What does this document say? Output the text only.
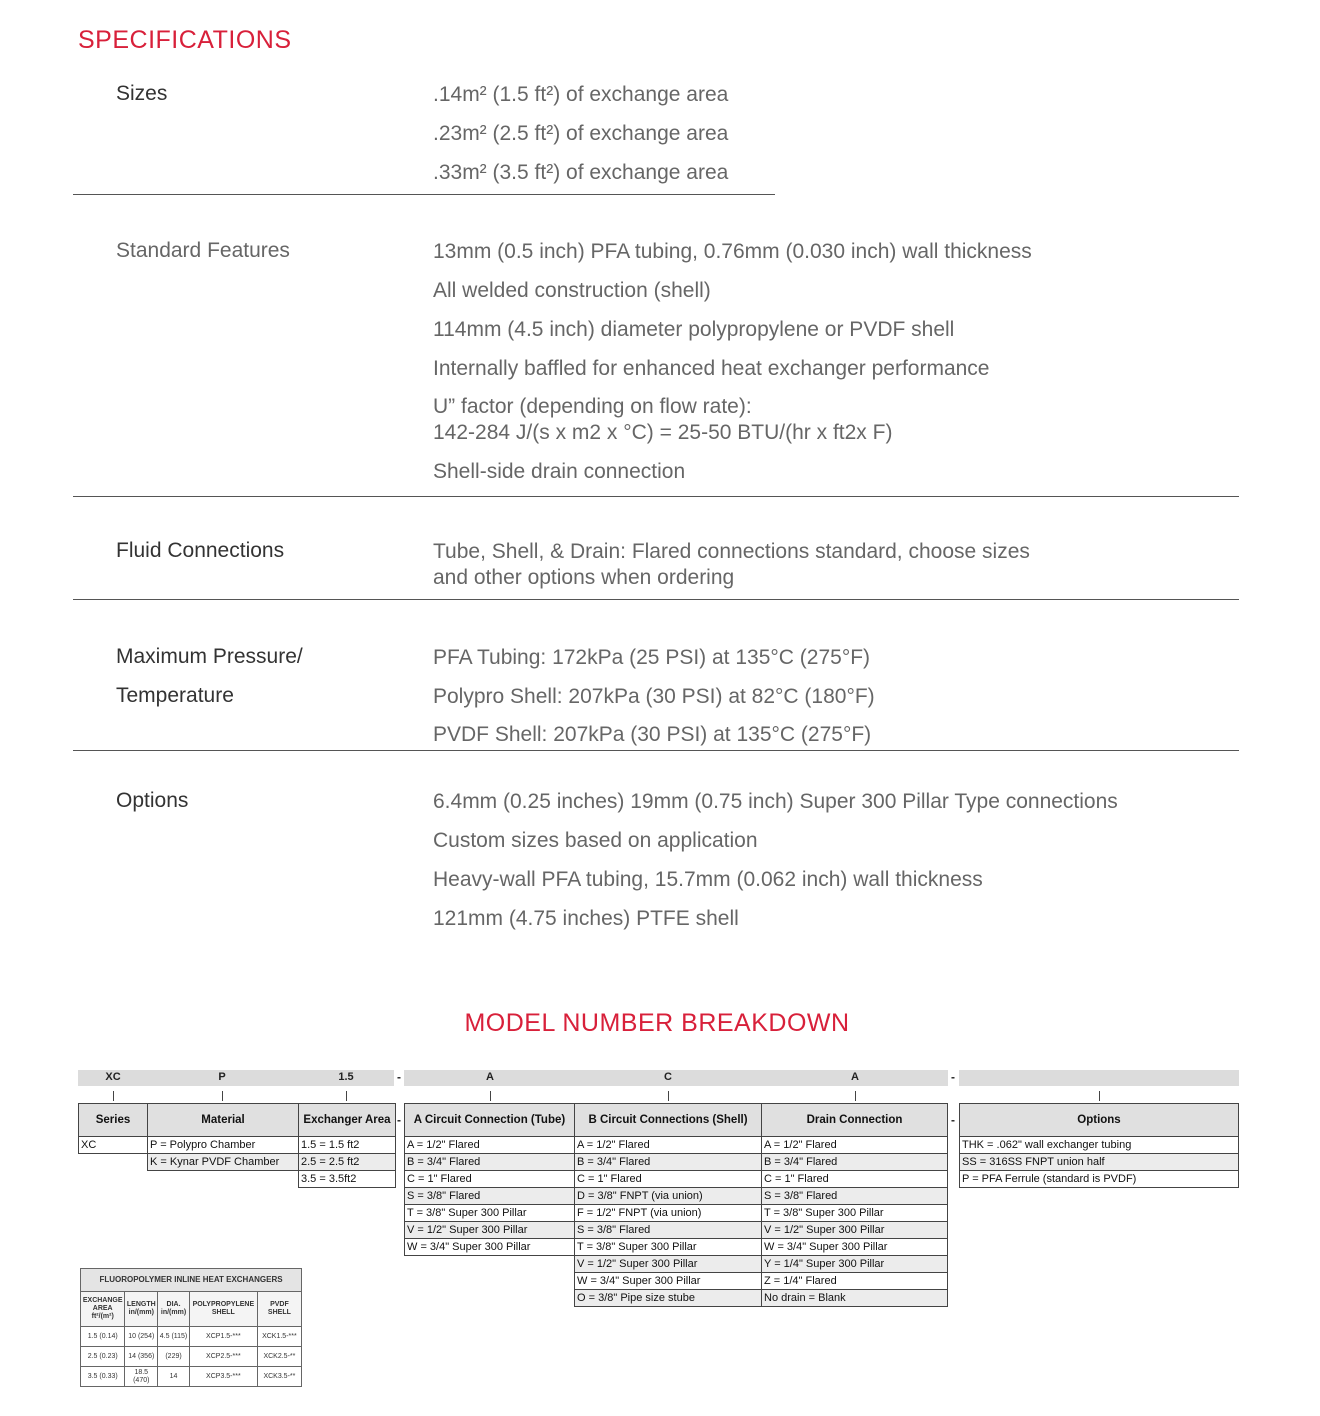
SPECIFICATIONS
Sizes	.14m² (1.5 ft²) of exchange area
.23m² (2.5 ft²) of exchange area
.33m² (3.5 ft²) of exchange area
Standard Features	13mm (0.5 inch) PFA tubing, 0.76mm (0.030 inch) wall thickness
All welded construction (shell)
114mm (4.5 inch) diameter polypropylene or PVDF shell
Internally baffled for enhanced heat exchanger performance
U” factor (depending on flow rate):
142-284 J/(s x m2 x °C) = 25-50 BTU/(hr x ft2x F)
Shell-side drain connection
Fluid Connections	Tube, Shell, & Drain: Flared connections standard, choose sizes
and other options when ordering
Maximum Pressure/
Temperature
PFA Tubing: 172kPa (25 PSI) at 135°C (275°F)
Polypro Shell: 207kPa (30 PSI) at 82°C (180°F)
PVDF Shell: 207kPa (30 PSI) at 135°C (275°F)
Options	6.4mm (0.25 inches) 19mm (0.75 inch) Super 300 Pillar Type connections
Custom sizes based on application
Heavy-wall PFA tubing, 15.7mm (0.062 inch) wall thickness
121mm (4.75 inches) PTFE shell
MODEL NUMBER BREAKDOWN
XC	P	1.5	-	A	C	A	-
-	-
Series	Material	Exchanger Area
XC	P = Polypro Chamber	1.5 = 1.5 ft2
	K = Kynar PVDF Chamber	2.5 = 2.5 ft2
		3.5 = 3.5ft2
A Circuit Connection (Tube)	B Circuit Connections (Shell)	Drain Connection
A = 1/2" Flared	A = 1/2" Flared	A = 1/2" Flared
B = 3/4" Flared	B = 3/4" Flared	B = 3/4" Flared
C = 1" Flared	C = 1" Flared	C = 1" Flared
S = 3/8" Flared	D = 3/8" FNPT (via union)	S = 3/8" Flared
T = 3/8" Super 300 Pillar	F = 1/2" FNPT (via union)	T = 3/8" Super 300 Pillar
V = 1/2" Super 300 Pillar	S = 3/8" Flared	V = 1/2" Super 300 Pillar
W = 3/4" Super 300 Pillar	T = 3/8" Super 300 Pillar	W = 3/4" Super 300 Pillar
	V = 1/2" Super 300 Pillar	Y = 1/4" Super 300 Pillar
	W = 3/4" Super 300 Pillar	Z = 1/4" Flared
	O = 3/8" Pipe size stube	No drain = Blank
Options
THK = .062" wall exchanger tubing
SS = 316SS FNPT union half
P = PFA Ferrule (standard is PVDF)
FLUOROPOLYMER INLINE HEAT EXCHANGERS				
EXCHANGE AREA ft²/(m²)	LENGTH in/(mm)	DIA. in/(mm)	POLYPROPYLENE SHELL	PVDF SHELL
1.5 (0.14)	10 (254)	4.5 (115)	XCP1.5-***	XCK1.5-***
2.5 (0.23)	14 (356)	(229)	XCP2.5-***	XCK2.5-**
3.5 (0.33)	18.5 (470)	14	XCP3.5-***	XCK3.5-**
